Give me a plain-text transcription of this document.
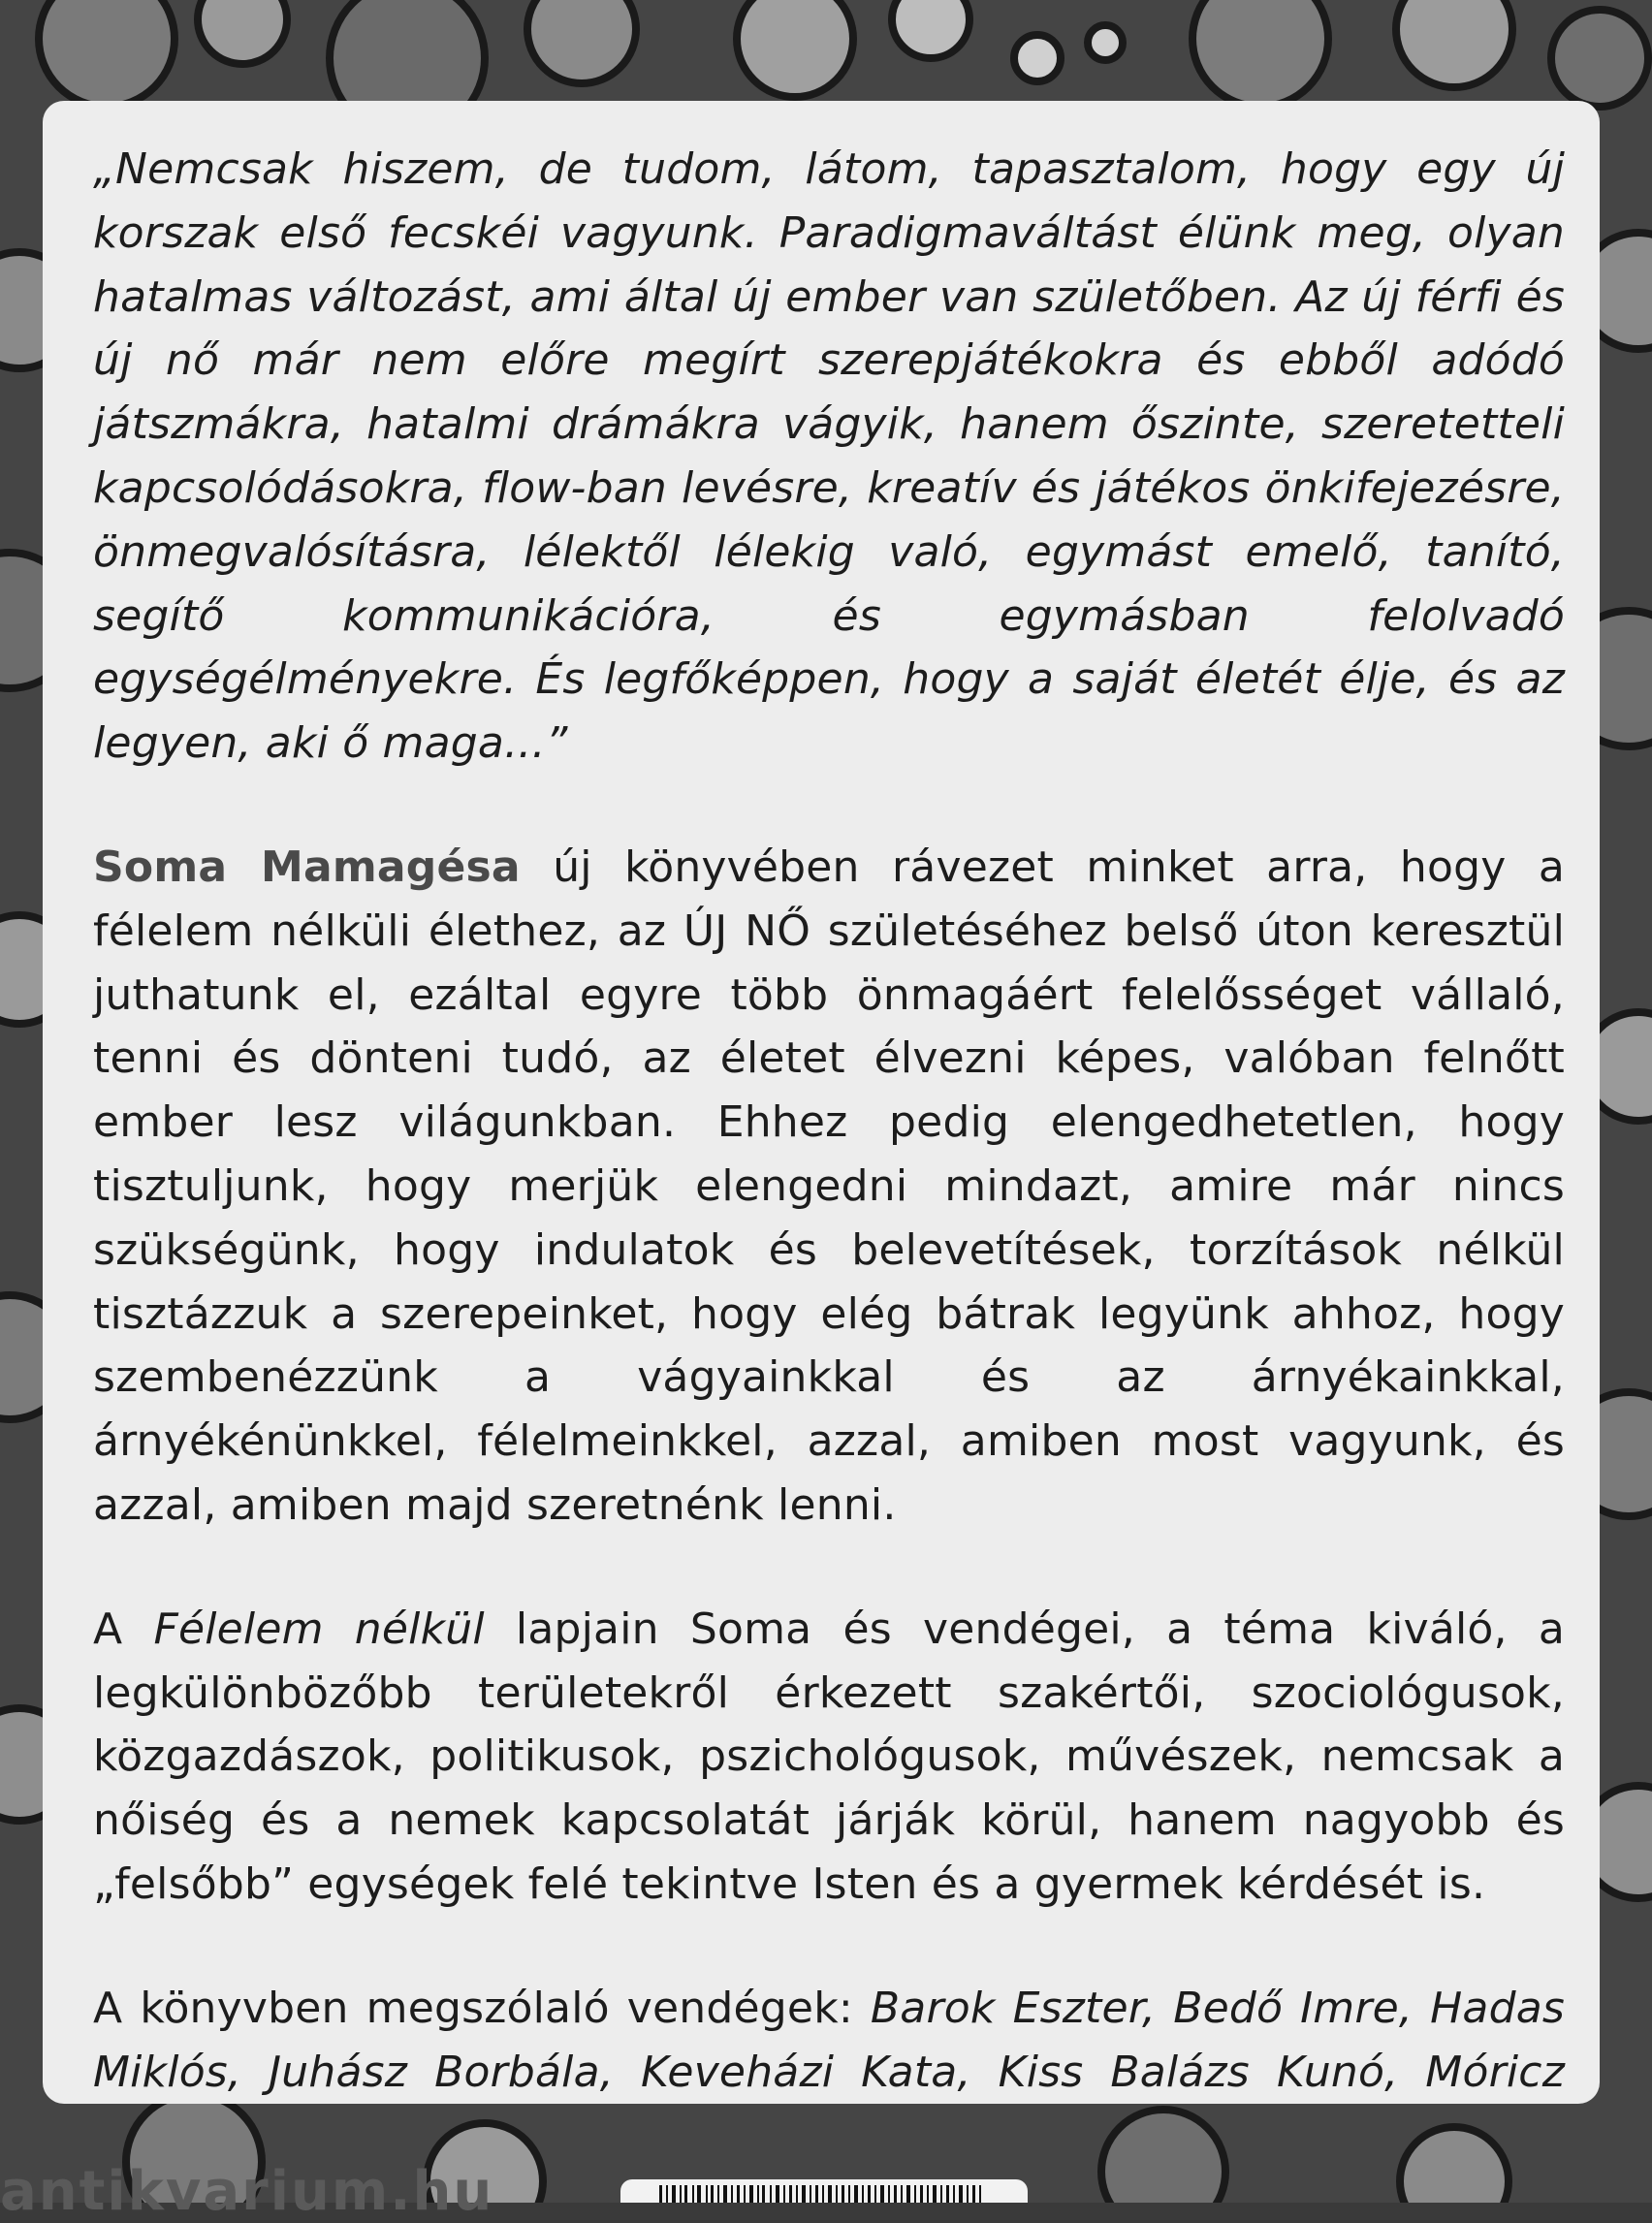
„Nemcsak hiszem, de tudom, látom, tapasztalom, hogy egy új korszak első fecskéi vagyunk. Paradigmaváltást élünk meg, olyan hatalmas változást, ami által új ember van születőben. Az új férfi és új nő már nem előre megírt szerepjátékokra és ebből adódó játszmákra, hatalmi drámákra vágyik, hanem őszinte, szeretetteli kapcsolódásokra, flow-ban levésre, kreatív és játékos önkifejezésre, önmegvalósításra, lélektől lélekig való, egymást emelő, tanító, segítő kommunikációra, és egymásban felolvadó egységélményekre. És legfőképpen, hogy a saját életét élje, és az legyen, aki ő maga...”

Soma Mamagésa új könyvében rávezet minket arra, hogy a félelem nélküli élethez, az ÚJ NŐ születéséhez belső úton keresztül juthatunk el, ezáltal egyre több önmagáért felelősséget vállaló, tenni és dönteni tudó, az életet élvezni képes, valóban felnőtt ember lesz világunkban. Ehhez pedig elengedhetetlen, hogy tisztuljunk, hogy merjük elengedni mindazt, amire már nincs szükségünk, hogy indulatok és belevetítések, torzítások nélkül tisztázzuk a szerepeinket, hogy elég bátrak legyünk ahhoz, hogy szembenézzünk a vágyainkkal és az árnyékainkkal, árnyékénünkkel, félelmeinkkel, azzal, amiben most vagyunk, és azzal, amiben majd szeretnénk lenni.

A Félelem nélkül lapjain Soma és vendégei, a téma kiváló, a legkülönbözőbb területekről érkezett szakértői, szociológusok, közgazdászok, politikusok, pszichológusok, művészek, nemcsak a nőiség és a nemek kapcsolatát járják körül, hanem nagyobb és „felsőbb” egységek felé tekintve Isten és a gyermek kérdését is.

A könyvben megszólaló vendégek: Barok Eszter, Bedő Imre, Hadas Miklós, Juhász Borbála, Keveházi Kata, Kiss Balázs Kunó, Móricz

antikvarium.hu
